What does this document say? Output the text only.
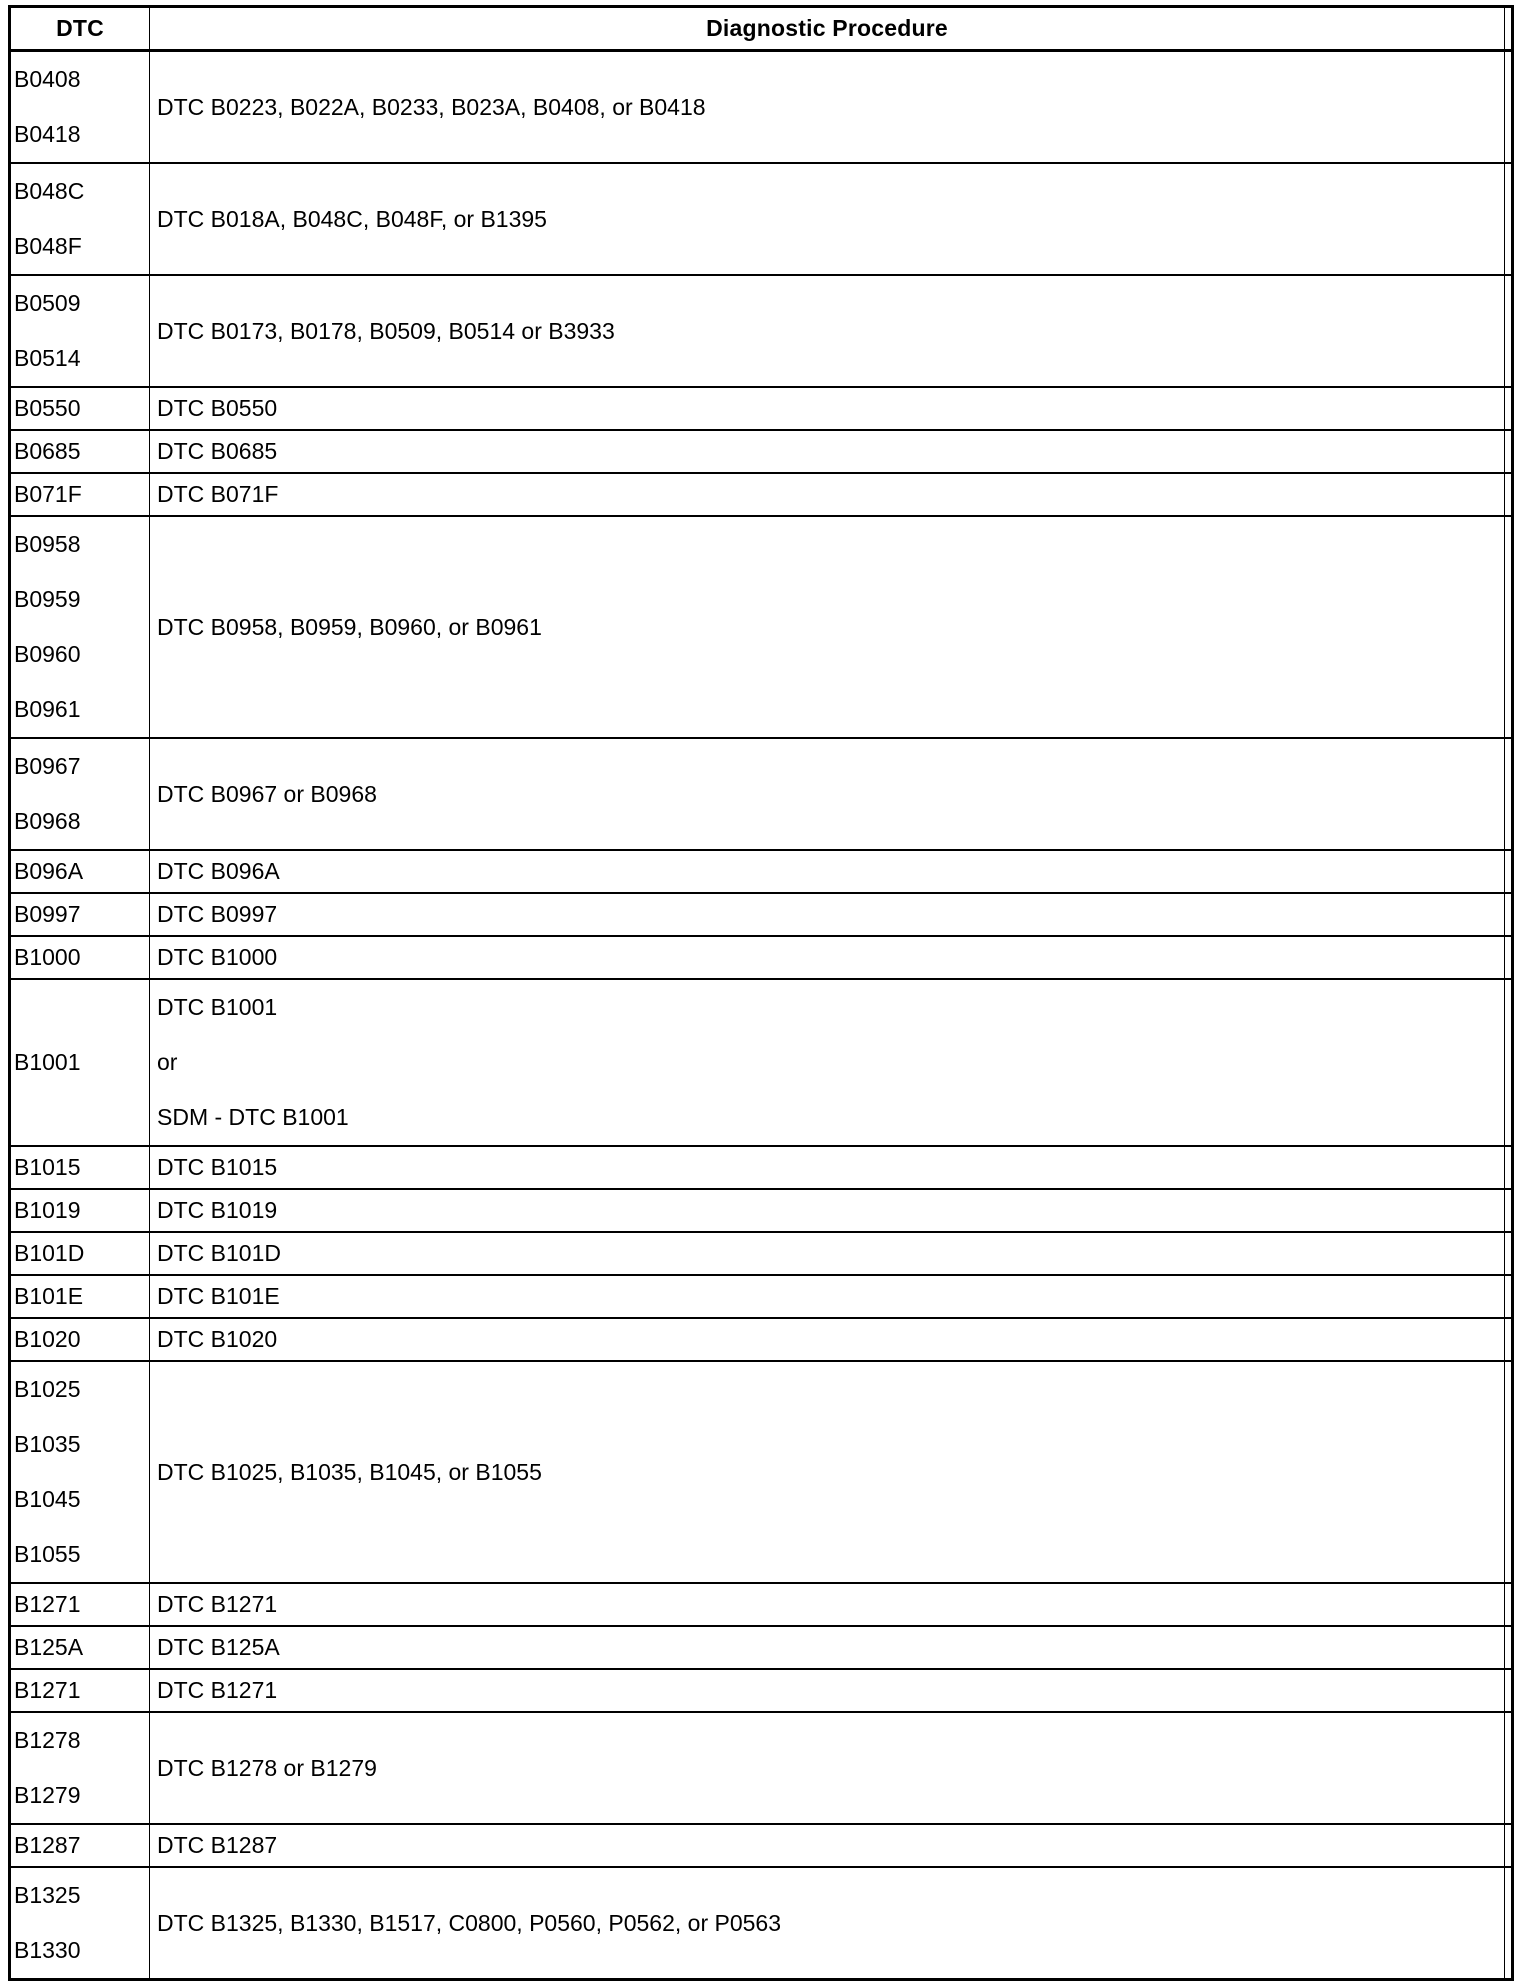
DTC	Diagnostic Procedure	

B0408
B0418	DTC B0223, B022A, B0233, B023A, B0408, or B0418	

B048C
B048F	DTC B018A, B048C, B048F, or B1395	

B0509
B0514	DTC B0173, B0178, B0509, B0514 or B3933	

B0550	DTC B0550	

B0685	DTC B0685	

B071F	DTC B071F	

B0958
B0959
B0960
B0961	DTC B0958, B0959, B0960, or B0961	

B0967
B0968	DTC B0967 or B0968	

B096A	DTC B096A	

B0997	DTC B0997	

B1000	DTC B1000	

B1001	DTC B1001
or
SDM - DTC B1001	

B1015	DTC B1015	

B1019	DTC B1019	

B101D	DTC B101D	

B101E	DTC B101E	

B1020	DTC B1020	

B1025
B1035
B1045
B1055	DTC B1025, B1035, B1045, or B1055	

B1271	DTC B1271	

B125A	DTC B125A	

B1271	DTC B1271	

B1278
B1279	DTC B1278 or B1279	

B1287	DTC B1287	

B1325
B1330	DTC B1325, B1330, B1517, C0800, P0560, P0562, or P0563	
